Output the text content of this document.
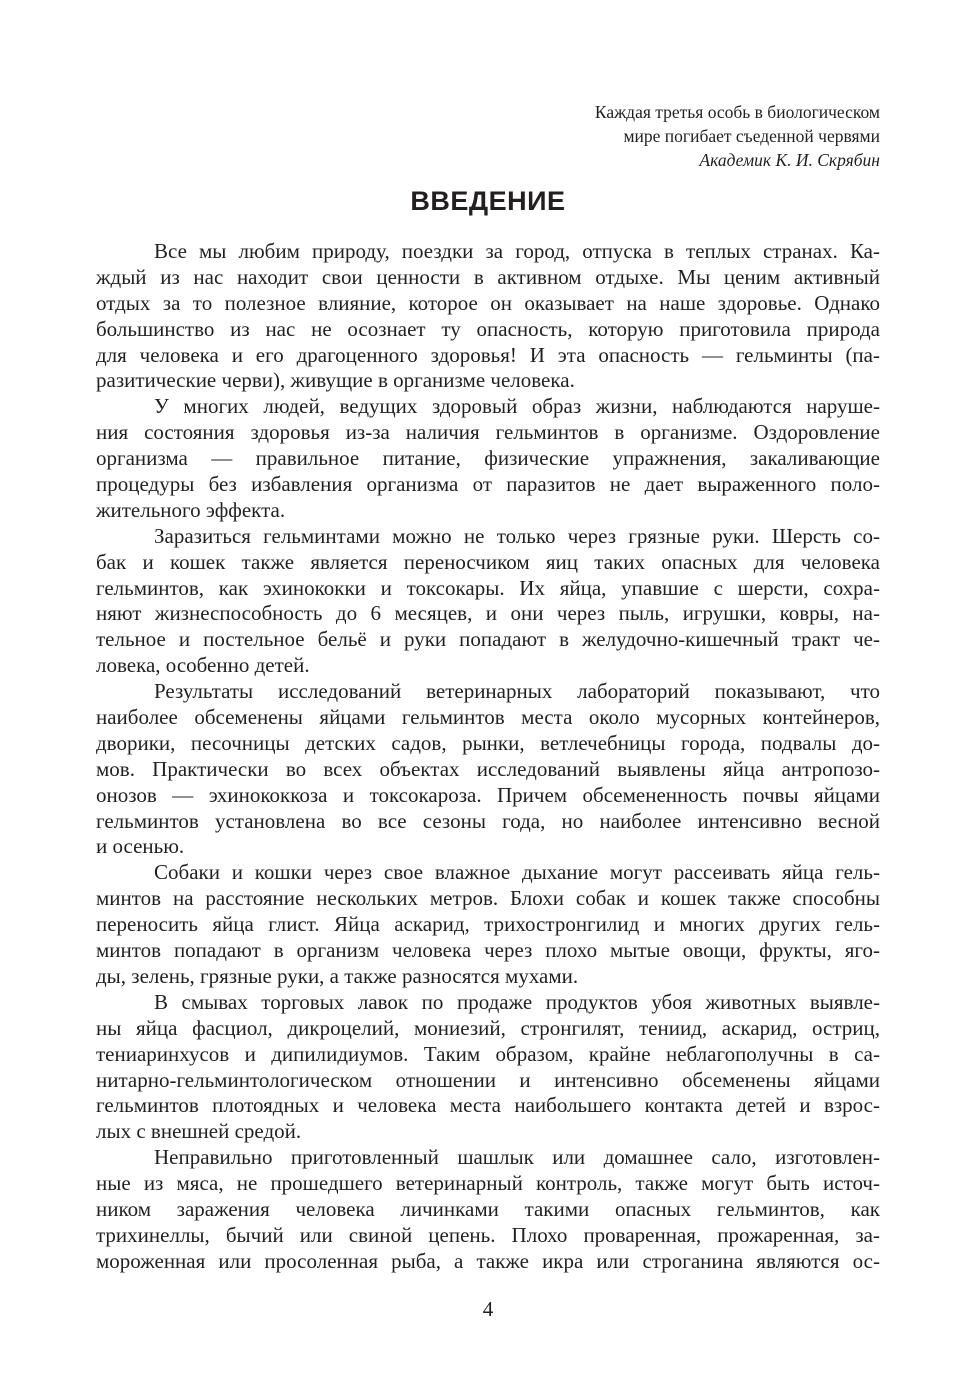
Каждая третья особь в биологическом
мире погибает съеденной червями
Академик К. И. Скрябин
ВВЕДЕНИЕ
Все мы любим природу, поездки за город, отпуска в теплых странах. Ка-
ждый из нас находит свои ценности в активном отдыхе. Мы ценим активный
отдых за то полезное влияние, которое он оказывает на наше здоровье. Однако
большинство из нас не осознает ту опасность, которую приготовила природа
для человека и его драгоценного здоровья! И эта опасность — гельминты (па-
разитические черви), живущие в организме человека.
У многих людей, ведущих здоровый образ жизни, наблюдаются наруше-
ния состояния здоровья из-за наличия гельминтов в организме. Оздоровление
организма — правильное питание, физические упражнения, закаливающие
процедуры без избавления организма от паразитов не дает выраженного поло-
жительного эффекта.
Заразиться гельминтами можно не только через грязные руки. Шерсть со-
бак и кошек также является переносчиком яиц таких опасных для человека
гельминтов, как эхинококки и токсокары. Их яйца, упавшие с шерсти, сохра-
няют жизнеспособность до 6 месяцев, и они через пыль, игрушки, ковры, на-
тельное и постельное бельё и руки попадают в желудочно-кишечный тракт че-
ловека, особенно детей.
Результаты исследований ветеринарных лабораторий показывают, что
наиболее обсеменены яйцами гельминтов места около мусорных контейнеров,
дворики, песочницы детских садов, рынки, ветлечебницы города, подвалы до-
мов. Практически во всех объектах исследований выявлены яйца антропозо-
онозов — эхинококкоза и токсокароза. Причем обсемененность почвы яйцами
гельминтов установлена во все сезоны года, но наиболее интенсивно весной
и осенью.
Собаки и кошки через свое влажное дыхание могут рассеивать яйца гель-
минтов на расстояние нескольких метров. Блохи собак и кошек также способны
переносить яйца глист. Яйца аскарид, трихостронгилид и многих других гель-
минтов попадают в организм человека через плохо мытые овощи, фрукты, яго-
ды, зелень, грязные руки, а также разносятся мухами.
В смывах торговых лавок по продаже продуктов убоя животных выявле-
ны яйца фасциол, дикроцелий, мониезий, стронгилят, тениид, аскарид, остриц,
тениаринхусов и дипилидиумов. Таким образом, крайне неблагополучны в са-
нитарно-гельминтологическом отношении и интенсивно обсеменены яйцами
гельминтов плотоядных и человека места наибольшего контакта детей и взрос-
лых с внешней средой.
Неправильно приготовленный шашлык или домашнее сало, изготовлен-
ные из мяса, не прошедшего ветеринарный контроль, также могут быть источ-
ником заражения человека личинками такими опасных гельминтов, как
трихинеллы, бычий или свиной цепень. Плохо проваренная, прожаренная, за-
мороженная или просоленная рыба, а также икра или строганина являются ос-
4
